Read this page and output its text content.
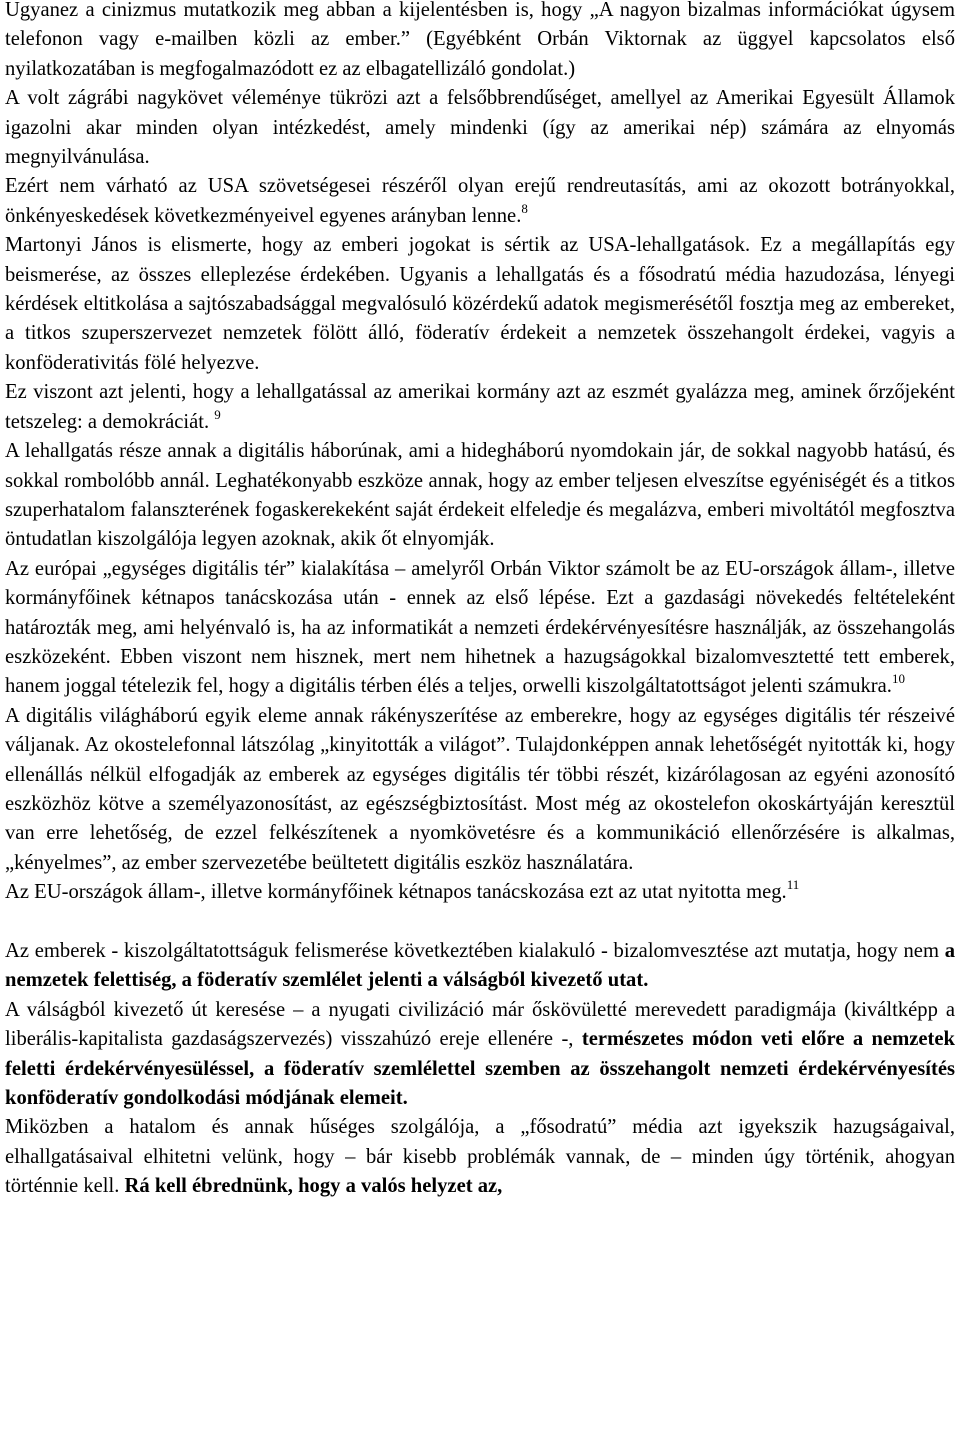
Ugyanez a cinizmus mutatkozik meg abban a kijelentésben is, hogy „A nagyon bizalmas információkat úgysem telefonon vagy e-mailben közli az ember.” (Egyébként Orbán Viktornak az üggyel kapcsolatos első nyilatkozatában is megfogalmazódott ez az elbagatellizáló gondolat.)

A volt zágrábi nagykövet véleménye tükrözi azt a felsőbbrendűséget, amellyel az Amerikai Egyesült Államok igazolni akar minden olyan intézkedést, amely mindenki (így az amerikai nép) számára az elnyomás megnyilvánulása.

Ezért nem várható az USA szövetségesei részéről olyan erejű rendreutasítás, ami az okozott botrányokkal, önkényeskedések következményeivel egyenes arányban lenne.$^8$

Martonyi János is elismerte, hogy az emberi jogokat is sértik az USA-lehallgatások. Ez a megállapítás egy beismerése, az összes elleplezése érdekében. Ugyanis a lehallgatás és a fősodratú média hazudozása, lényegi kérdések eltitkolása a sajtószabadsággal megvalósuló közérdekű adatok megismerésétől fosztja meg az embereket, a titkos szuperszervezet nemzetek fölött álló, föderatív érdekeit a nemzetek összehangolt érdekei, vagyis a konföderativitás fölé helyezve.

Ez viszont azt jelenti, hogy a lehallgatással az amerikai kormány azt az eszmét gyalázza meg, aminek őrzőjeként tetszeleg: a demokráciát. $^9$

A lehallgatás része annak a digitális háborúnak, ami a hidegháború nyomdokain jár, de sokkal nagyobb hatású, és sokkal rombolóbb annál. Leghatékonyabb eszköze annak, hogy az ember teljesen elveszítse egyéniségét és a titkos szuperhatalom falanszterének fogaskerekeként saját érdekeit elfeledje és megalázva, emberi mivoltától megfosztva öntudatlan kiszolgálója legyen azoknak, akik őt elnyomják.

Az európai „egységes digitális tér” kialakítása – amelyről Orbán Viktor számolt be az EU-országok állam-, illetve kormányfőinek kétnapos tanácskozása után - ennek az első lépése. Ezt a gazdasági növekedés feltételeként határozták meg, ami helyénvaló is, ha az informatikát a nemzeti érdekérvényesítésre használják, az összehangolás eszközeként. Ebben viszont nem hisznek, mert nem hihetnek a hazugságokkal bizalomvesztetté tett emberek, hanem joggal tételezik fel, hogy a digitális térben élés a teljes, orwelli kiszolgáltatottságot jelenti számukra.$^{10}$

A digitális világháború egyik eleme annak rákényszerítése az emberekre, hogy az egységes digitális tér részeivé váljanak. Az okostelefonnal látszólag „kinyitották a világot”. Tulajdonképpen annak lehetőségét nyitották ki, hogy ellenállás nélkül elfogadják az emberek az egységes digitális tér többi részét, kizárólagosan az egyéni azonosító eszközhöz kötve a személyazonosítást, az egészségbiztosítást. Most még az okostelefon okoskártyáján keresztül van erre lehetőség, de ezzel felkészítenek a nyomkövetésre és a kommunikáció ellenőrzésére is alkalmas, „kényelmes”, az ember szervezetébe beültetett digitális eszköz használatára.

Az EU-országok állam-, illetve kormányfőinek kétnapos tanácskozása ezt az utat nyitotta meg.$^{11}$

Az emberek - kiszolgáltatottságuk felismerése következtében kialakuló - bizalomvesztése azt mutatja, hogy nem a nemzetek felettiség, a föderatív szemlélet jelenti a válságból kivezető utat.

A válságból kivezető út keresése – a nyugati civilizáció már őskövületté merevedett paradigmája (kiváltképp a liberális-kapitalista gazdaságszervezés) visszahúzó ereje ellenére -, természetes módon veti előre a nemzetek feletti érdekérvényesüléssel, a föderatív szemlélettel szemben az összehangolt nemzeti érdekérvényesítés konföderatív gondolkodási módjának elemeit.

Miközben a hatalom és annak hűséges szolgálója, a „fősodratú” média azt igyekszik hazugságaival, elhallgatásaival elhitetni velünk, hogy – bár kisebb problémák vannak, de – minden úgy történik, ahogyan történnie kell. Rá kell ébrednünk, hogy a valós helyzet az,
